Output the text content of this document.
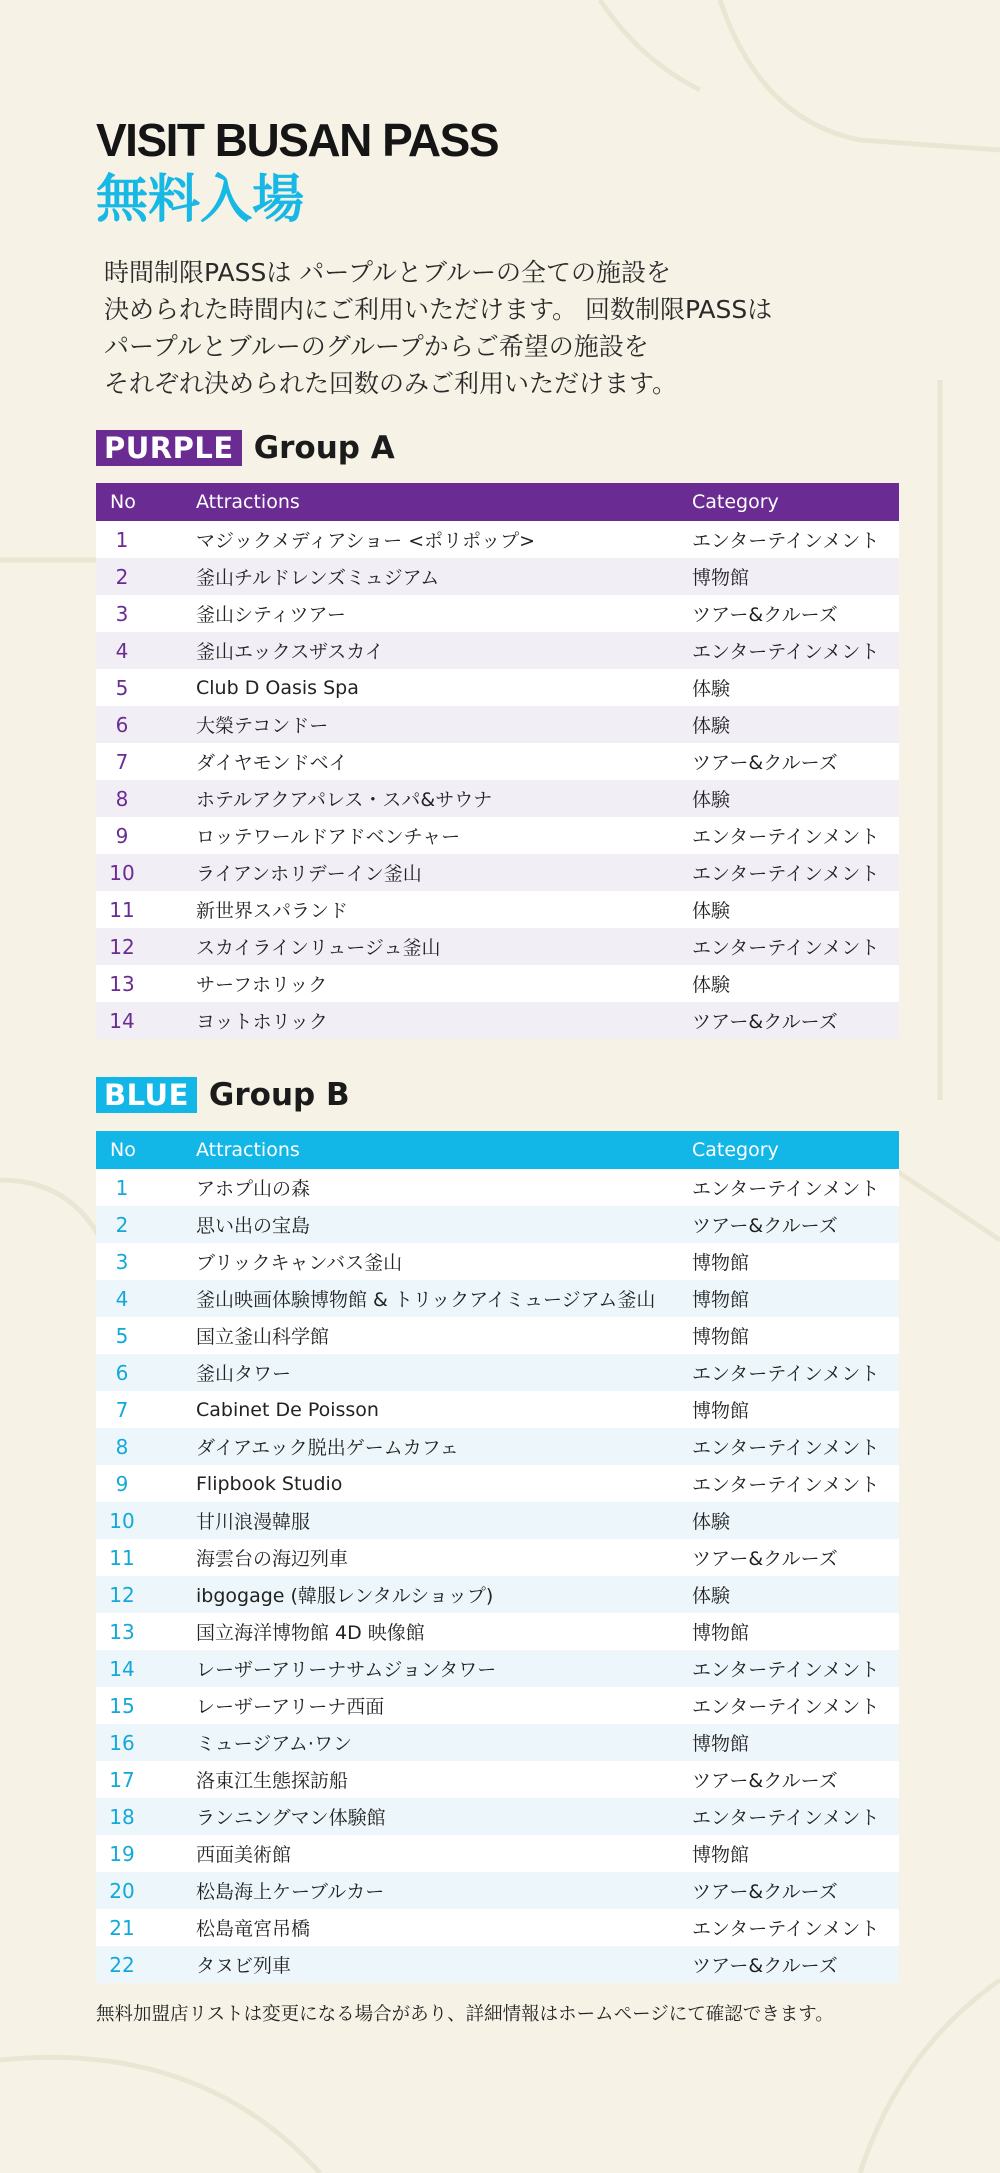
VISIT BUSAN PASS
無料入場
時間制限PASSは パープルとブルーの全ての施設を
決められた時間内にご利用いただけます。 回数制限PASSは
パープルとブルーのグループからご希望の施設を
それぞれ決められた回数のみご利用いただけます。
PURPLE Group A
No	Attractions	Category
1	マジックメディアショー <ポリポップ>	エンターテインメント
2	釜山チルドレンズミュジアム	博物館
3	釜山シティツアー	ツアー&クルーズ
4	釜山エックスザスカイ	エンターテインメント
5	Club D Oasis Spa	体験
6	大榮テコンドー	体験
7	ダイヤモンドベイ	ツアー&クルーズ
8	ホテルアクアパレス・スパ&サウナ	体験
9	ロッテワールドアドベンチャー	エンターテインメント
10	ライアンホリデーイン釜山	エンターテインメント
11	新世界スパランド	体験
12	スカイラインリュージュ釜山	エンターテインメント
13	サーフホリック	体験
14	ヨットホリック	ツアー&クルーズ
BLUE Group B
No	Attractions	Category
1	アホプ山の森	エンターテインメント
2	思い出の宝島	ツアー&クルーズ
3	ブリックキャンバス釜山	博物館
4	釜山映画体験博物館 & トリックアイミュージアム釜山	博物館
5	国立釜山科学館	博物館
6	釜山タワー	エンターテインメント
7	Cabinet De Poisson	博物館
8	ダイアエック脱出ゲームカフェ	エンターテインメント
9	Flipbook Studio	エンターテインメント
10	甘川浪漫韓服	体験
11	海雲台の海辺列車	ツアー&クルーズ
12	ibgogage (韓服レンタルショップ)	体験
13	国立海洋博物館 4D 映像館	博物館
14	レーザーアリーナサムジョンタワー	エンターテインメント
15	レーザーアリーナ西面	エンターテインメント
16	ミュージアム·ワン	博物館
17	洛東江生態探訪船	ツアー&クルーズ
18	ランニングマン体験館	エンターテインメント
19	西面美術館	博物館
20	松島海上ケーブルカー	ツアー&クルーズ
21	松島竜宮吊橋	エンターテインメント
22	タヌビ列車	ツアー&クルーズ
無料加盟店リストは変更になる場合があり、詳細情報はホームページにて確認できます。
